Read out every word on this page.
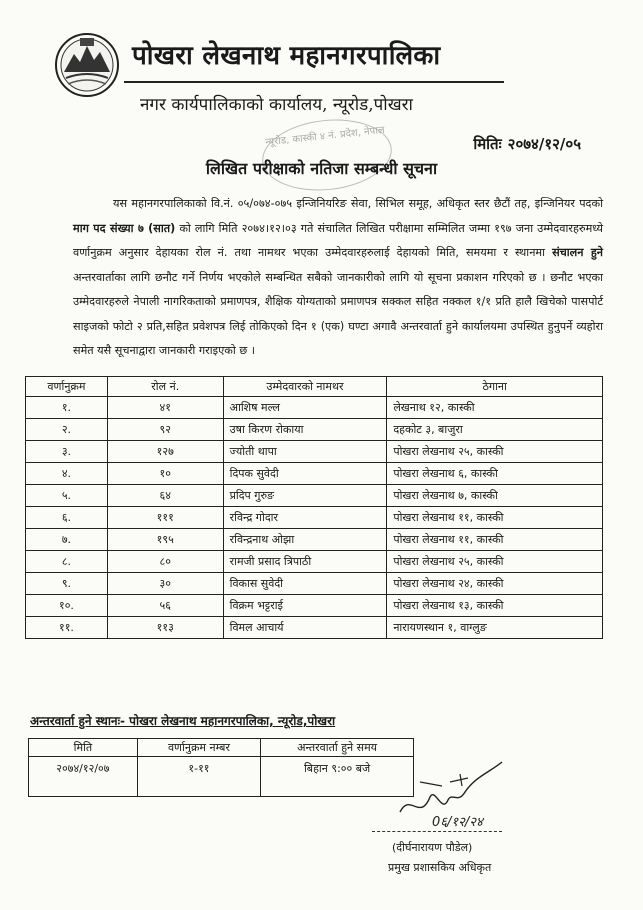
पोखरा लेखनाथ महानगरपालिका
नगर कार्यपालिकाको कार्यालय, न्यूरोड,पोखरा
न्यूरोड, कास्की ४ नं. प्रदेश, नेपाल	मितिः २०७४/१२/०५
लिखित परीक्षाको नतिजा सम्बन्धी सूचना

यस महानगरपालिकाको वि.नं. ०५/०७४-०७५ इन्जिनियरिङ सेवा, सिभिल समूह, अधिकृत स्तर छैटौं तह, इन्जिनियर पदको माग पद संख्या ७ (सात) को लागि मिति २०७४।१२।०३ गते संचालित लिखित परीक्षामा सम्मिलित जम्मा १९७ जना उम्मेदवारहरुमध्ये वर्णानुक्रम अनुसार देहायका रोल नं. तथा नामथर भएका उम्मेदवारहरुलाई देहायको मिति, समयमा र स्थानमा संचालन हुने अन्तरवार्ताका लागि छनौट गर्ने निर्णय भएकोले सम्बन्धित सबैको जानकारीको लागि यो सूचना प्रकाशन गरिएको छ । छनौट भएका उम्मेदवारहरुले नेपाली नागरिकताको प्रमाणपत्र, शैक्षिक योग्यताको प्रमाणपत्र सक्कल सहित नक्कल १/१ प्रति हालै खिचेको पासपोर्ट साइजको फोटो २ प्रति,सहित प्रवेशपत्र लिई तोकिएको दिन १ (एक) घण्टा अगावै अन्तरवार्ता हुने कार्यालयमा उपस्थित हुनुपर्ने व्यहोरा समेत यसै सूचनाद्वारा जानकारी गराइएको छ ।

वर्णानुक्रम	रोल नं.	उम्मेदवारको नामथर	ठेगाना
१.	४१	आशिष मल्ल	लेखनाथ १२, कास्की
२.	९२	उषा किरण रोकाया	दहकोट ३, बाजुरा
३.	१२७	ज्योती थापा	पोखरा लेखनाथ २५, कास्की
४.	१०	दिपक सुवेदी	पोखरा लेखनाथ ६, कास्की
५.	६४	प्रदिप गुरुङ	पोखरा लेखनाथ ७, कास्की
६.	१११	रविन्द्र गोदार	पोखरा लेखनाथ ११, कास्की
७.	१९५	रविन्द्रनाथ ओझा	पोखरा लेखनाथ ११, कास्की
८.	८०	रामजी प्रसाद त्रिपाठी	पोखरा लेखनाथ २५, कास्की
९.	३०	विकास सुवेदी	पोखरा लेखनाथ २४, कास्की
१०.	५६	विक्रम भट्टराई	पोखरा लेखनाथ १३, कास्की
११.	११३	विमल आचार्य	नारायणस्थान १, वाग्लुङ
अन्तरवार्ता हुने स्थानः- पोखरा लेखनाथ महानगरपालिका, न्यूरोड,पोखरा
मिति	वर्णानुक्रम नम्बर	अन्तरवार्ता हुने समय
२०७४/१२/०७	१-११	बिहान ९:०० बजे
0६/१२/२४
(दीर्घनारायण पौडेल)
प्रमुख प्रशासकिय अधिकृत
